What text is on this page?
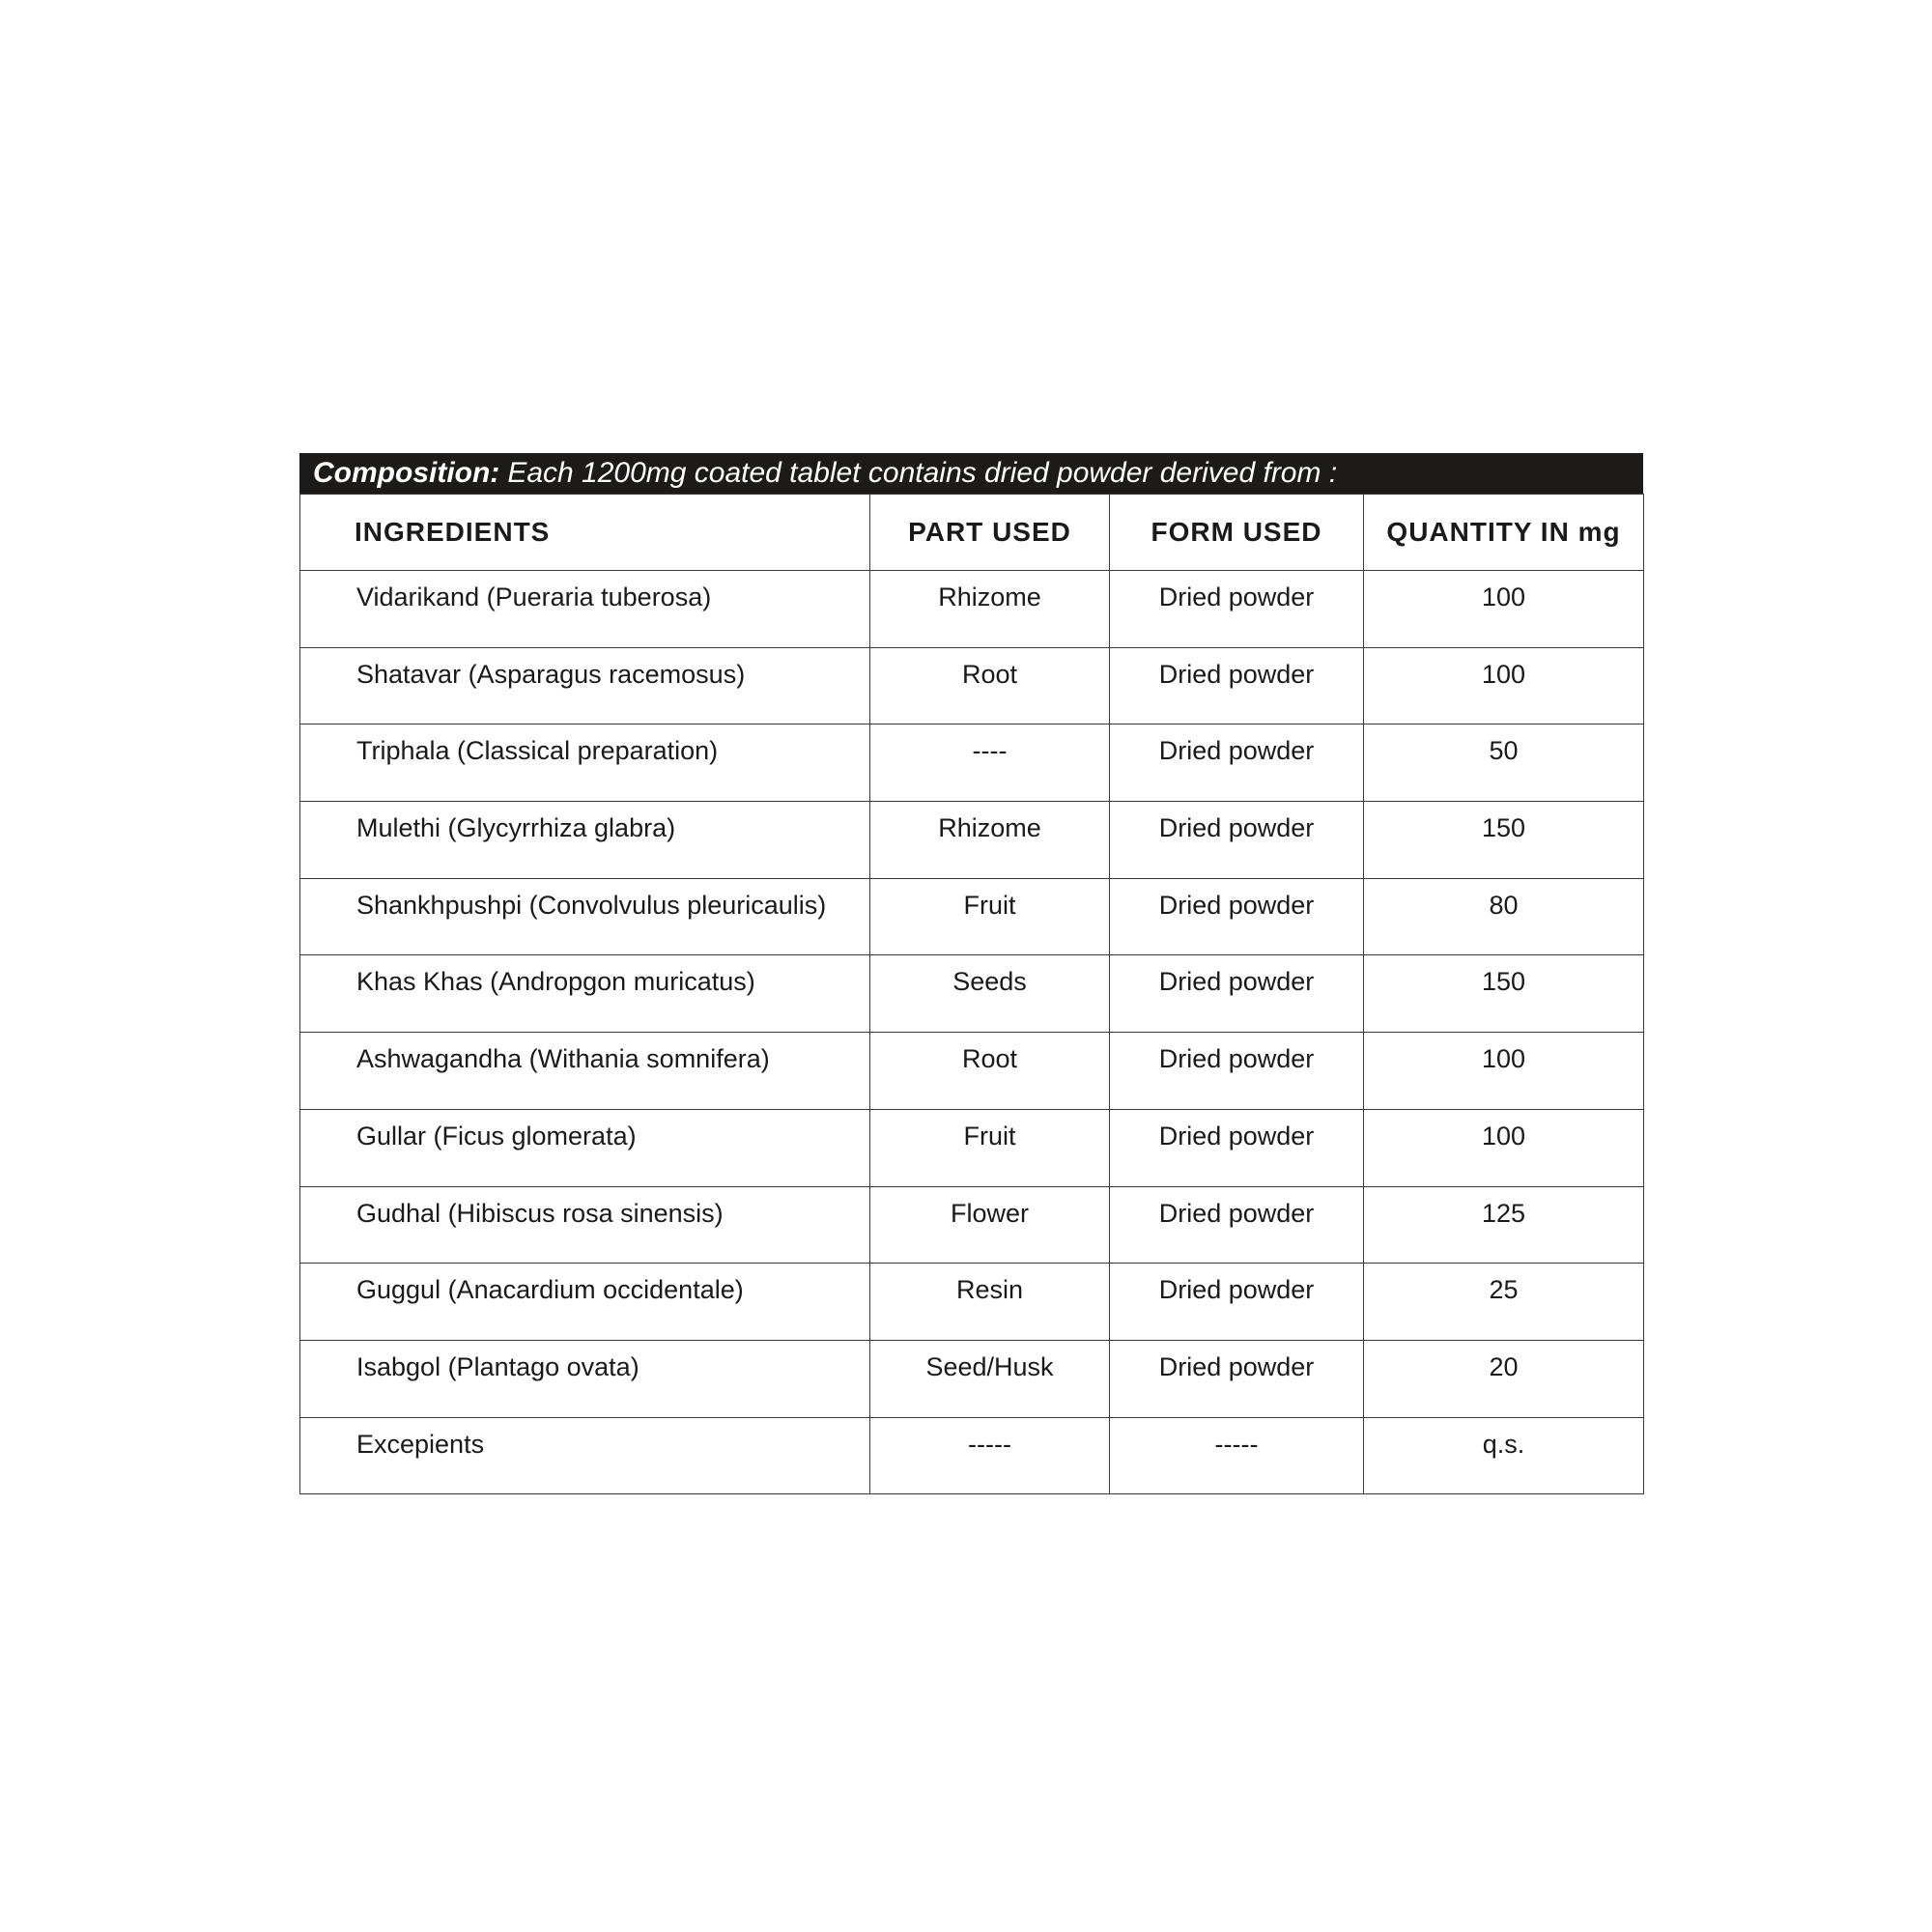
Composition: Each 1200mg coated tablet contains dried powder derived from :
INGREDIENTS	PART USED	FORM USED	QUANTITY IN mg

Vidarikand (Pueraria tuberosa)	Rhizome	Dried powder	100
Shatavar (Asparagus racemosus)	Root	Dried powder	100
Triphala (Classical preparation)	----	Dried powder	50
Mulethi (Glycyrrhiza glabra)	Rhizome	Dried powder	150
Shankhpushpi (Convolvulus pleuricaulis)	Fruit	Dried powder	80
Khas Khas (Andropgon muricatus)	Seeds	Dried powder	150
Ashwagandha (Withania somnifera)	Root	Dried powder	100
Gullar (Ficus glomerata)	Fruit	Dried powder	100
Gudhal (Hibiscus rosa sinensis)	Flower	Dried powder	125
Guggul (Anacardium occidentale)	Resin	Dried powder	25
Isabgol (Plantago ovata)	Seed/Husk	Dried powder	20
Excepients	-----	-----	q.s.
